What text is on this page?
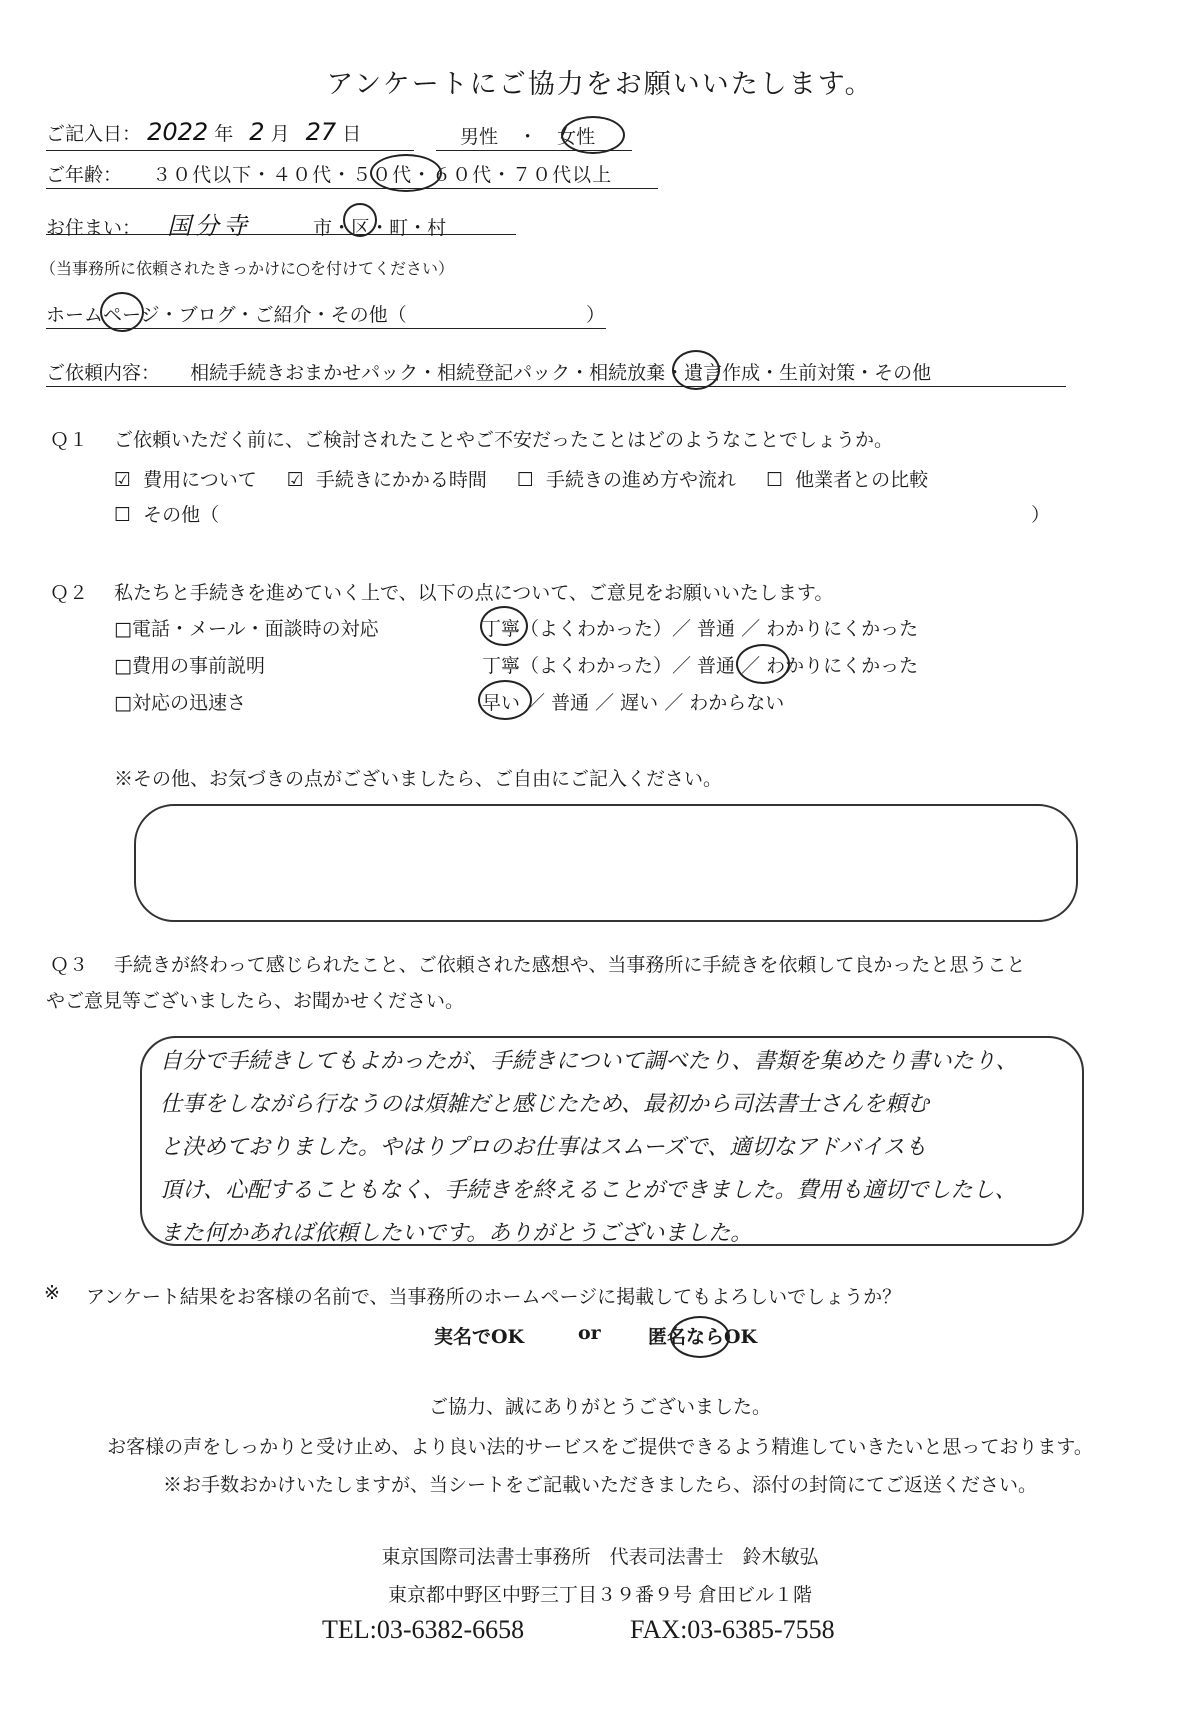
アンケートにご協力をお願いいたします。
ご記入日： 2022 年 2 月 27 日	男性 ・ 女性
ご年齢： ３０代以下・４０代・５０代・６０代・７０代以上
お住まい： 国分寺	市・区・町・村
（当事務所に依頼されたきっかけに○を付けてください）
ホームページ・ブログ・ご紹介・その他（	）
ご依頼内容： 相続手続きおまかせパック・相続登記パック・相続放棄・遺言作成・生前対策・その他
Ｑ１ ご依頼いただく前に、ご検討されたことやご不安だったことはどのようなことでしょうか。
☑ 費用について ☑ 手続きにかかる時間 ☐ 手続きの進め方や流れ ☐ 他業者との比較
☐ その他（	）
Ｑ２ 私たちと手続きを進めていく上で、以下の点について、ご意見をお願いいたします。
□電話・メール・面談時の対応	丁寧（よくわかった）／ 普通 ／ わかりにくかった
□費用の事前説明	丁寧（よくわかった）／ 普通 ／ わかりにくかった
□対応の迅速さ	早い ／ 普通 ／ 遅い ／ わからない
※その他、お気づきの点がございましたら、ご自由にご記入ください。
Ｑ３ 手続きが終わって感じられたこと、ご依頼された感想や、当事務所に手続きを依頼して良かったと思うこと
やご意見等ございましたら、お聞かせください。
自分で手続きしてもよかったが、手続きについて調べたり、書類を集めたり書いたり、
仕事をしながら行なうのは煩雑だと感じたため、最初から司法書士さんを頼む
と決めておりました。やはりプロのお仕事はスムーズで、適切なアドバイスも
頂け、心配することもなく、手続きを終えることができました。費用も適切でしたし、
また何かあれば依頼したいです。ありがとうございました。
※ アンケート結果をお客様の名前で、当事務所のホームページに掲載してもよろしいでしょうか？
実名でOK	or 匿名ならOK
ご協力、誠にありがとうございました。
お客様の声をしっかりと受け止め、より良い法的サービスをご提供できるよう精進していきたいと思っております。
※お手数おかけいたしますが、当シートをご記載いただきましたら、添付の封筒にてご返送ください。
東京国際司法書士事務所　代表司法書士　鈴木敏弘
東京都中野区中野三丁目３９番９号 倉田ビル１階
TEL:03-6382-6658	FAX:03-6385-7558
